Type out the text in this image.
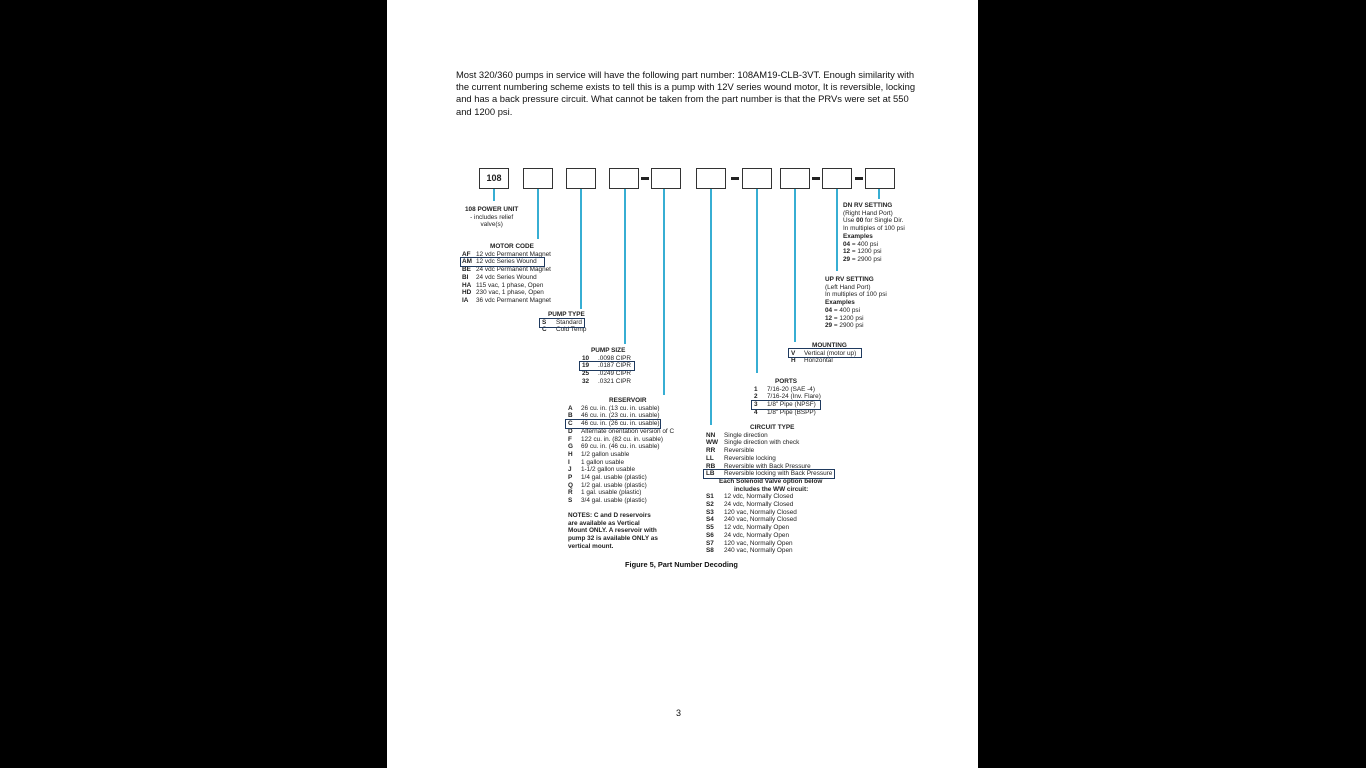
Most 320/360 pumps in service will have the following part number: 108AM19-CLB-3VT. Enough similarity with the current numbering scheme exists to tell this is a pump with 12V series wound motor, It is reversible, locking and has a back pressure circuit. What cannot be taken from the part number is that the PRVs were set at 550 and 1200 psi.

108
108 POWER UNIT
- includes relief
valve(s)
MOTOR CODE
AF 12 vdc Permanent Magnet
AM 12 vdc Series Wound
BE 24 vdc Permanent Magnet
BI 24 vdc Series Wound
HA 115 vac, 1 phase, Open
HD 230 vac, 1 phase, Open
IA 36 vdc Permanent Magnet
PUMP TYPE
S Standard
C Cold Temp
PUMP SIZE
10 .0098 CIPR
19 .0187 CIPR
25 .0249 CIPR
32 .0321 CIPR
RESERVOIR
A 26 cu. in. (13 cu. in. usable)
B 46 cu. in. (23 cu. in. usable)
C 46 cu. in. (26 cu. in. usable)
D Alternate orientation version of C
F 122 cu. in. (82 cu. in. usable)
G 69 cu. in. (46 cu. in. usable)
H 1/2 gallon usable
I 1 gallon usable
J 1-1/2 gallon usable
P 1/4 gal. usable (plastic)
Q 1/2 gal. usable (plastic)
R 1 gal. usable (plastic)
S 3/4 gal. usable (plastic)
NOTES: C and D reservoirs
are available as Vertical
Mount ONLY. A reservoir with
pump 32 is available ONLY as
vertical mount.
CIRCUIT TYPE
NN Single direction
WW Single direction with check
RR Reversible
LL Reversible locking
RB Reversible with Back Pressure
LB Reversible locking with Back Pressure
Each Solenoid Valve option below
includes the WW circuit:
S1 12 vdc, Normally Closed
S2 24 vdc, Normally Closed
S3 120 vac, Normally Closed
S4 240 vac, Normally Closed
S5 12 vdc, Normally Open
S6 24 vdc, Normally Open
S7 120 vac, Normally Open
S8 240 vac, Normally Open
PORTS
1 7/16-20 (SAE -4)
2 7/16-24 (Inv. Flare)
3 1/8" Pipe (NPSF)
4 1/8" Pipe (BSPP)
MOUNTING
V Vertical (motor up)
H Horizontal
UP RV SETTING
(Left Hand Port)
In multiples of 100 psi
Examples
04 = 400 psi
12 = 1200 psi
29 = 2900 psi
DN RV SETTING
(Right Hand Port)
Use 00 for Single Dir.
In multiples of 100 psi
Examples
04 = 400 psi
12 = 1200 psi
29 = 2900 psi
Figure 5, Part Number Decoding
3
